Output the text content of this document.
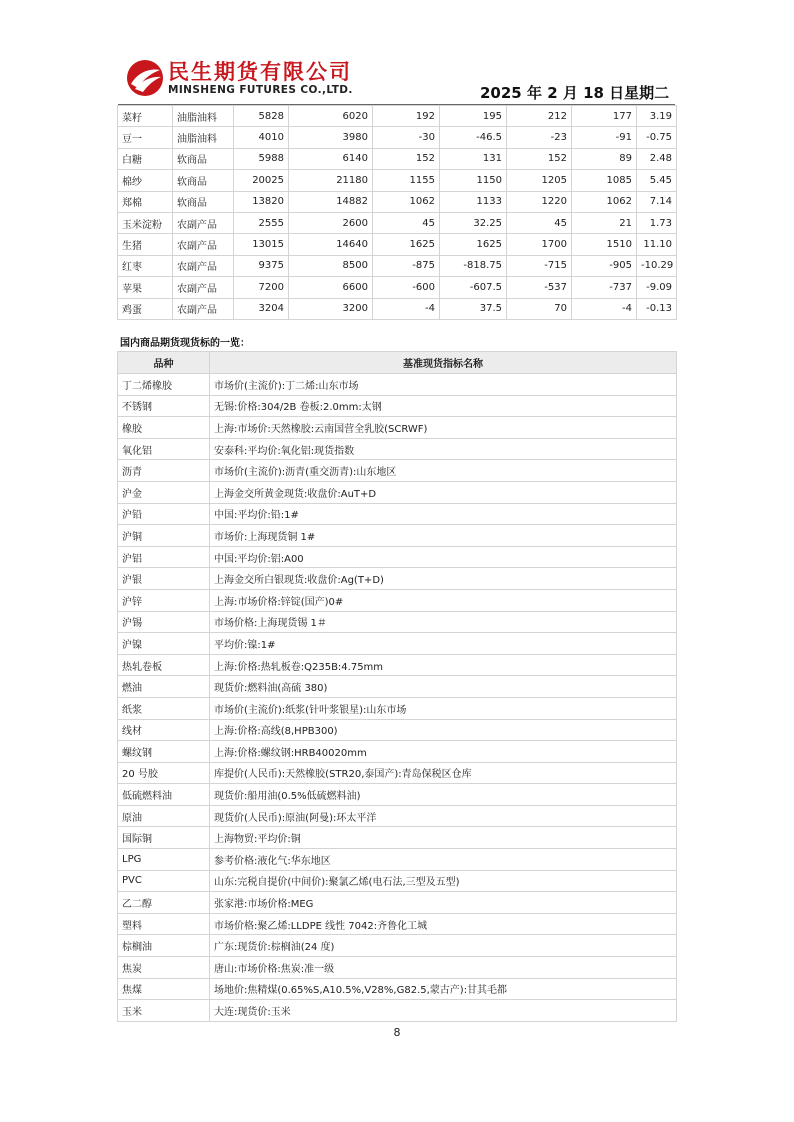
民生期货有限公司
MINSHENG FUTURES CO.,LTD.	2025 年 2 月 18 日星期二
菜籽	油脂油料	5828	6020	192	195	212	177	3.19
豆一	油脂油料	4010	3980	-30	-46.5	-23	-91	-0.75
白糖	软商品	5988	6140	152	131	152	89	2.48
棉纱	软商品	20025	21180	1155	1150	1205	1085	5.45
郑棉	软商品	13820	14882	1062	1133	1220	1062	7.14
玉米淀粉	农副产品	2555	2600	45	32.25	45	21	1.73
生猪	农副产品	13015	14640	1625	1625	1700	1510	11.10
红枣	农副产品	9375	8500	-875	-818.75	-715	-905	-10.29
苹果	农副产品	7200	6600	-600	-607.5	-537	-737	-9.09
鸡蛋	农副产品	3204	3200	-4	37.5	70	-4	-0.13
国内商品期货现货标的一览：
品种	基准现货指标名称
丁二烯橡胶	市场价(主流价):丁二烯:山东市场
不锈钢	无锡:价格:304/2B 卷板:2.0mm:太钢
橡胶	上海:市场价:天然橡胶:云南国营全乳胶(SCRWF)
氧化铝	安泰科:平均价:氧化铝:现货指数
沥青	市场价(主流价):沥青(重交沥青):山东地区
沪金	上海金交所黄金现货:收盘价:AuT+D
沪铅	中国:平均价:铅:1#
沪铜	市场价:上海现货铜 1#
沪铝	中国:平均价:铝:A00
沪银	上海金交所白银现货:收盘价:Ag(T+D)
沪锌	上海:市场价格:锌锭(国产)0#
沪锡	市场价格:上海现货锡 1＃
沪镍	平均价:镍:1#
热轧卷板	上海:价格:热轧板卷:Q235B:4.75mm
燃油	现货价:燃料油(高硫 380)
纸浆	市场价(主流价):纸浆(针叶浆银星):山东市场
线材	上海:价格:高线(8,HPB300)
螺纹钢	上海:价格:螺纹钢:HRB40020mm
20 号胶	库提价(人民币):天然橡胶(STR20,泰国产):青岛保税区仓库
低硫燃料油	现货价:船用油(0.5%低硫燃料油)
原油	现货价(人民币):原油(阿曼):环太平洋
国际铜	上海物贸:平均价:铜
LPG	参考价格:液化气:华东地区
PVC	山东:完税自提价(中间价):聚氯乙烯(电石法,三型及五型)
乙二醇	张家港:市场价格:MEG
塑料	市场价格:聚乙烯:LLDPE 线性 7042:齐鲁化工城
棕榈油	广东:现货价:棕榈油(24 度)
焦炭	唐山:市场价格:焦炭:准一级
焦煤	场地价:焦精煤(0.65%S,A10.5%,V28%,G82.5,蒙古产):甘其毛都
玉米	大连:现货价:玉米
8
